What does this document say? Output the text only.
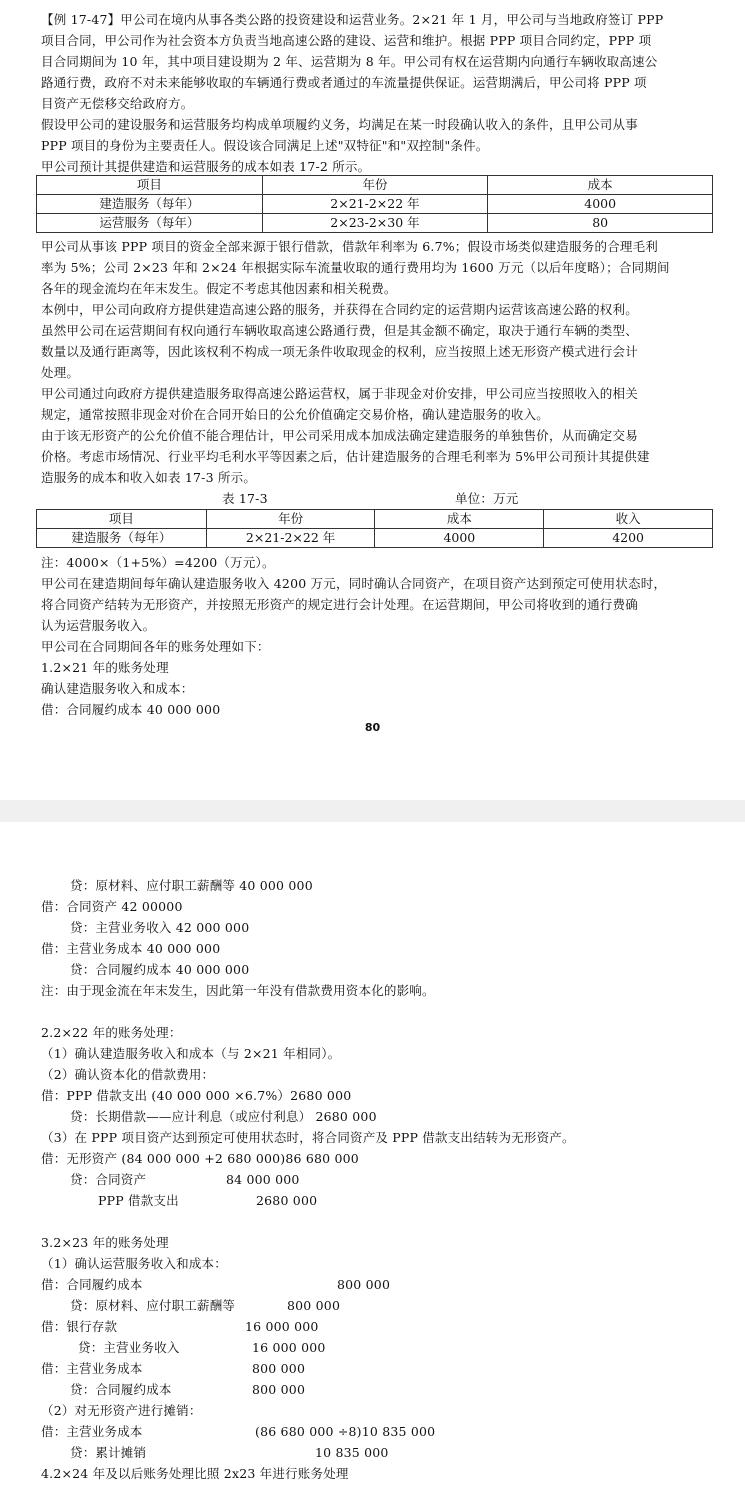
【例 17-47】甲公司在境内从事各类公路的投资建设和运营业务。2×21 年 1 月，甲公司与当地政府签订 PPP
项目合同，甲公司作为社会资本方负责当地高速公路的建设、运营和维护。根据 PPP 项目合同约定，PPP 项
目合同期间为 10 年，其中项目建设期为 2 年、运营期为 8 年。甲公司有权在运营期内向通行车辆收取高速公
路通行费，政府不对未来能够收取的车辆通行费或者通过的车流量提供保证。运营期满后，甲公司将 PPP 项
目资产无偿移交给政府方。
假设甲公司的建设服务和运营服务均构成单项履约义务，均满足在某一时段确认收入的条件，且甲公司从事
PPP 项目的身份为主要责任人。假设该合同满足上述"双特征"和"双控制"条件。
甲公司预计其提供建造和运营服务的成本如表 17-2 所示。
项目	年份	成本
建造服务（每年）	2×21-2×22 年	4000
运营服务（每年）	2×23-2×30 年	80
甲公司从事该 PPP 项目的资金全部来源于银行借款，借款年利率为 6.7%；假设市场类似建造服务的合理毛利
率为 5%；公司 2×23 年和 2×24 年根据实际车流量收取的通行费用均为 1600 万元（以后年度略）；合同期间
各年的现金流均在年末发生。假定不考虑其他因素和相关税费。
本例中，甲公司向政府方提供建造高速公路的服务，并获得在合同约定的运营期内运营该高速公路的权利。
虽然甲公司在运营期间有权向通行车辆收取高速公路通行费，但是其金额不确定，取决于通行车辆的类型、
数量以及通行距离等，因此该权利不构成一项无条件收取现金的权利，应当按照上述无形资产模式进行会计
处理。
甲公司通过向政府方提供建造服务取得高速公路运营权，属于非现金对价安排，甲公司应当按照收入的相关
规定，通常按照非现金对价在合同开始日的公允价值确定交易价格，确认建造服务的收入。
由于该无形资产的公允价值不能合理估计，甲公司采用成本加成法确定建造服务的单独售价，从而确定交易
价格。考虑市场情况、行业平均毛利水平等因素之后，估计建造服务的合理毛利率为 5%甲公司预计其提供建
造服务的成本和收入如表 17-3 所示。
表 17-3	单位：万元
项目	年份	成本	收入
建造服务（每年）	2×21-2×22 年	4000	4200
注：4000×（1+5%）=4200（万元）。
甲公司在建造期间每年确认建造服务收入 4200 万元，同时确认合同资产，在项目资产达到预定可使用状态时，
将合同资产结转为无形资产，并按照无形资产的规定进行会计处理。在运营期间，甲公司将收到的通行费确
认为运营服务收入。
甲公司在合同期间各年的账务处理如下：
1.2×21 年的账务处理
确认建造服务收入和成本：
借：合同履约成本 40 000 000
80
贷：原材料、应付职工薪酬等 40 000 000
借：合同资产 42 00000
贷：主营业务收入 42 000 000
借：主营业务成本 40 000 000
贷：合同履约成本 40 000 000
注：由于现金流在年末发生，因此第一年没有借款费用资本化的影响。
2.2×22 年的账务处理：
（1）确认建造服务收入和成本（与 2×21 年相同）。
（2）确认资本化的借款费用：
借：PPP 借款支出 (40 000 000 ×6.7%）2680 000
贷：长期借款——应计利息（或应付利息） 2680 000
（3）在 PPP 项目资产达到预定可使用状态时，将合同资产及 PPP 借款支出结转为无形资产。
借：无形资产 (84 000 000 +2 680 000)86 680 000
贷：合同资产	84 000 000
PPP 借款支出	2680 000
3.2×23 年的账务处理
（1）确认运营服务收入和成本：
借：合同履约成本	800 000
贷：原材料、应付职工薪酬等	800 000
借：银行存款	16 000 000
贷：主营业务收入	16 000 000
借：主营业务成本	800 000
贷：合同履约成本	800 000
（2）对无形资产进行摊销：
借：主营业务成本	(86 680 000 ÷8)10 835 000
贷：累计摊销	10 835 000
4.2×24 年及以后账务处理比照 2x23 年进行账务处理
